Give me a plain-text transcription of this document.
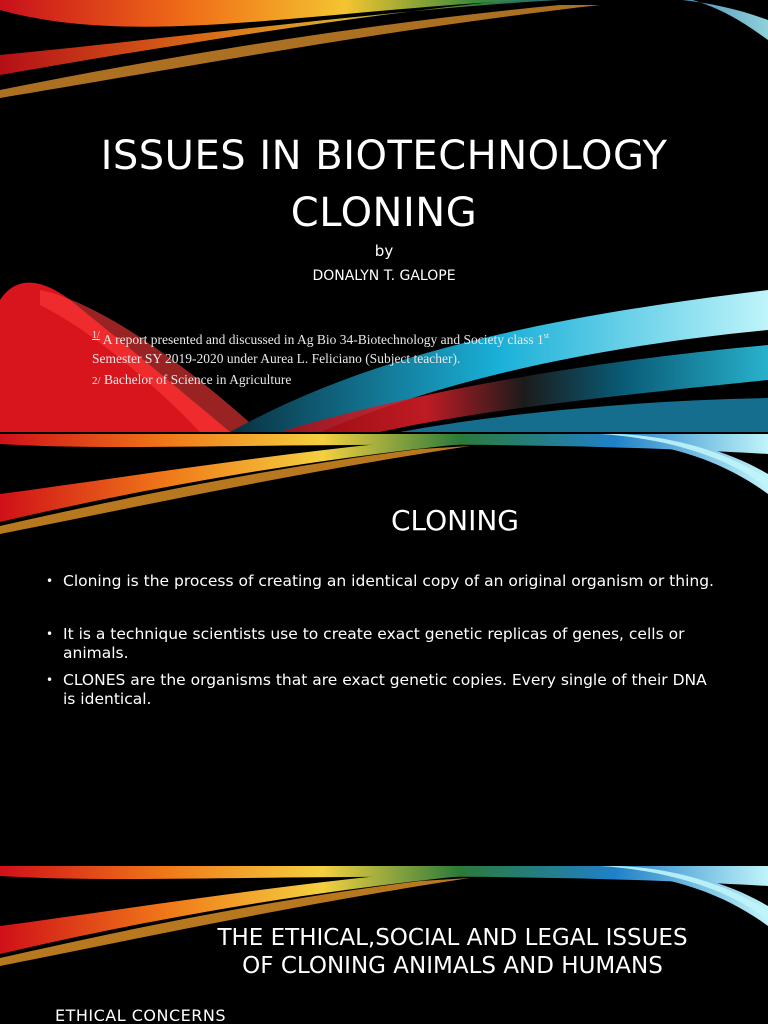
ISSUES IN BIOTECHNOLOGY
CLONING
by
DONALYN T. GALOPE
$^{1/}$ A report presented and discussed in Ag Bio 34-Biotechnology and Society class 1st
Semester SY 2019-2020 under Aurea L. Feliciano (Subject teacher).
2/ Bachelor of Science in Agriculture
CLONING
• Cloning is the process of creating an identical copy of an original organism or thing.
• It is a technique scientists use to create exact genetic replicas of genes, cells or animals.
• CLONES are the organisms that are exact genetic copies. Every single of their DNA is identical.
THE ETHICAL,SOCIAL AND LEGAL ISSUES
OF CLONING ANIMALS AND HUMANS
ETHICAL CONCERNS
